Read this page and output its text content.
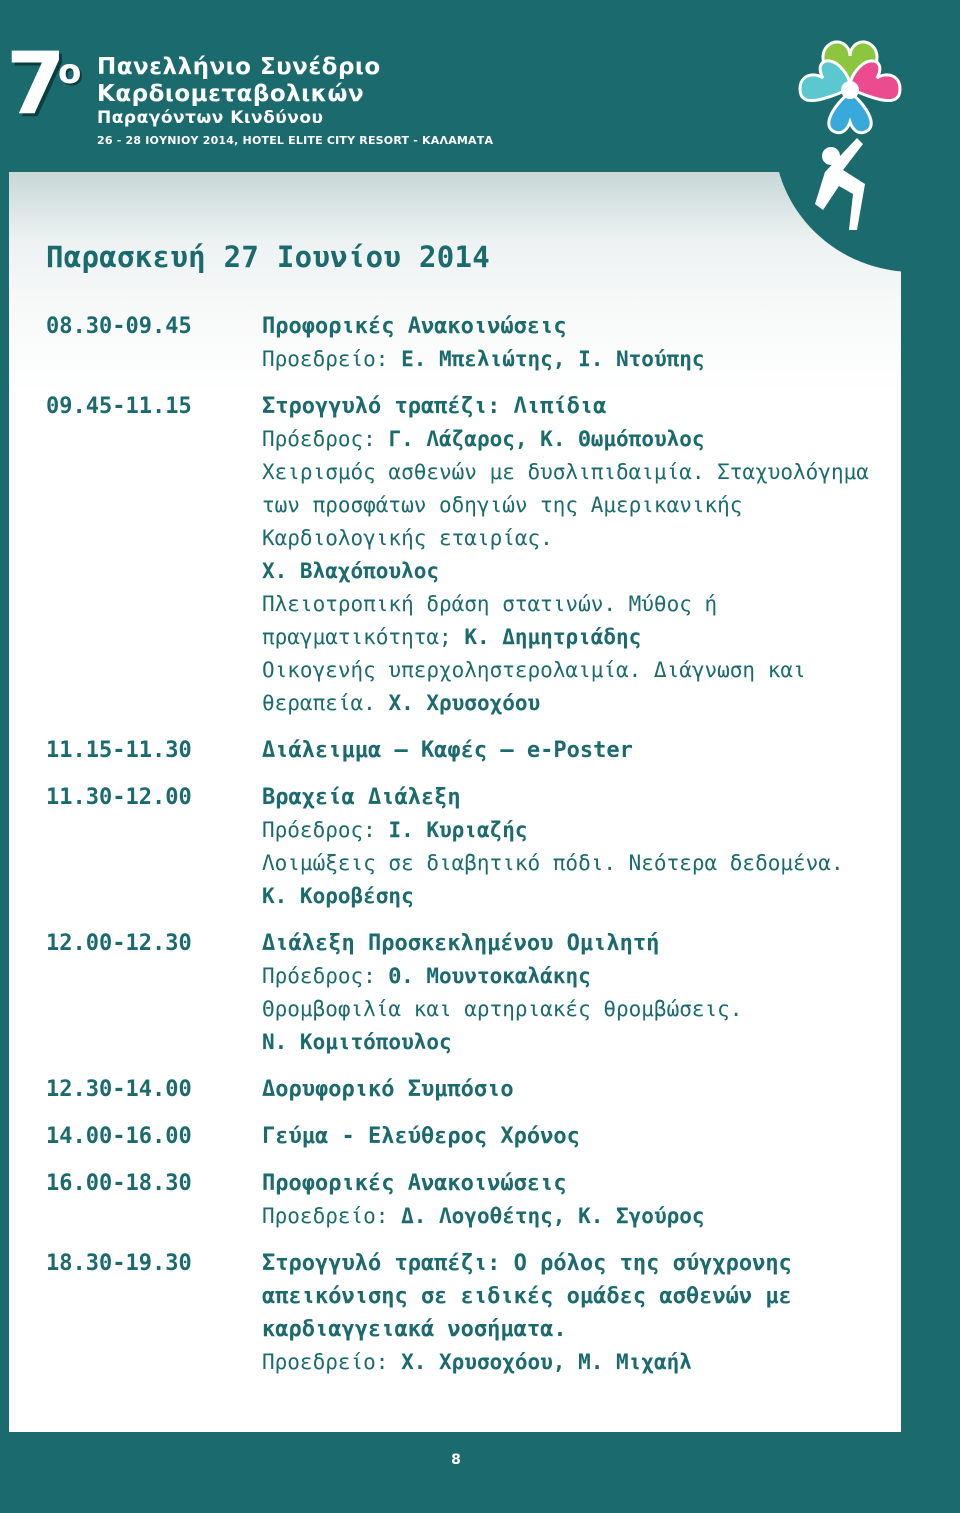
7
ο Πανελλήνιο Συνέδριο
Καρδιομεταβολικών
Παραγόντων Κινδύνου
26 - 28 ΙΟΥΝΙΟΥ 2014, HOTEL ELITE CITY RESORT - ΚΑΛΑΜΑΤΑ
Παρασκευή 27 Ιουνίου 2014
08.30-09.45	Προφορικές Ανακοινώσεις
Προεδρείο: Ε. Μπελιώτης, Ι. Ντούπης
09.45-11.15	Στρογγυλό τραπέζι: Λιπίδια
Πρόεδρος: Γ. Λάζαρος, Κ. Θωμόπουλος
Χειρισμός ασθενών με δυσλιπιδαιμία. Σταχυολόγημα των προσφάτων οδηγιών της Αμερικανικής Καρδιολογικής εταιρίας.
Χ. Βλαχόπουλος
Πλειοτροπική δράση στατινών. Μύθος ή πραγματικότητα; Κ. Δημητριάδης
Οικογενής υπερχοληστερολαιμία. Διάγνωση και θεραπεία. Χ. Χρυσοχόου
11.15-11.30	Διάλειμμα – Καφές – e-Poster
11.30-12.00	Βραχεία Διάλεξη
Πρόεδρος: Ι. Κυριαζής
Λοιμώξεις σε διαβητικό πόδι. Νεότερα δεδομένα.
Κ. Κοροβέσης
12.00-12.30	Διάλεξη Προσκεκλημένου Ομιλητή
Πρόεδρος: Θ. Μουντοκαλάκης
Θρομβοφιλία και αρτηριακές θρομβώσεις.
Ν. Κομιτόπουλος
12.30-14.00	Δορυφορικό Συμπόσιο
14.00-16.00	Γεύμα - Ελεύθερος Χρόνος
16.00-18.30	Προφορικές Ανακοινώσεις
Προεδρείο: Δ. Λογοθέτης, Κ. Σγούρος
18.30-19.30	Στρογγυλό τραπέζι: Ο ρόλος της σύγχρονης απεικόνισης σε ειδικές ομάδες ασθενών με καρδιαγγειακά νοσήματα.
Προεδρείο: Χ. Χρυσοχόου, Μ. Μιχαήλ
8
